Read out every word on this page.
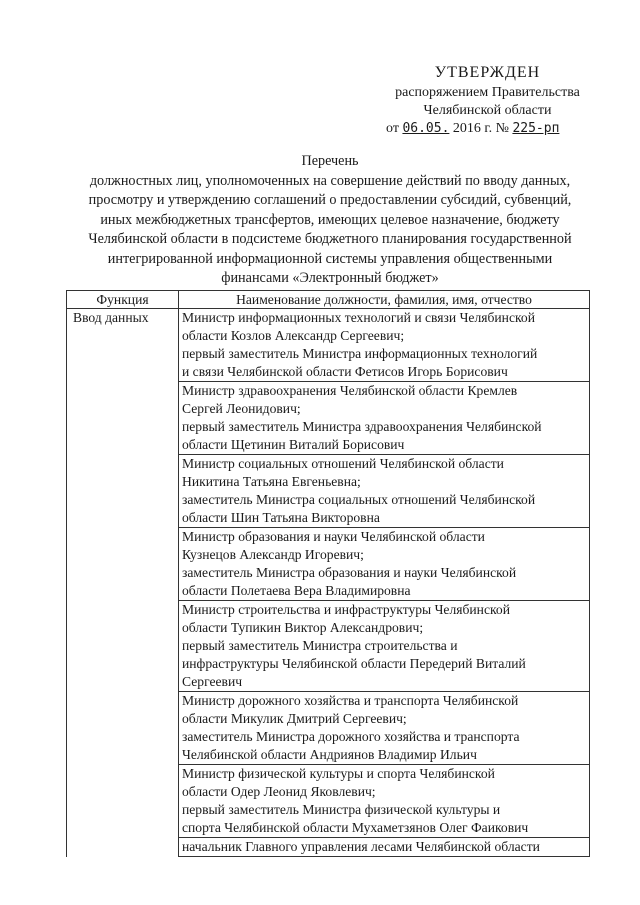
УТВЕРЖДЕН
распоряжением Правительства
Челябинской области
от 06.05. 2016 г. № 225-рп
Перечень
должностных лиц, уполномоченных на совершение действий по вводу данных,
просмотру и утверждению соглашений о предоставлении субсидий, субвенций,
иных межбюджетных трансфертов, имеющих целевое назначение, бюджету
Челябинской области в подсистеме бюджетного планирования государственной
интегрированной информационной системы управления общественными
финансами «Электронный бюджет»
Функция	Наименование должности, фамилия, имя, отчество
Ввод данных	Министр информационных технологий и связи Челябинской
области Козлов Александр Сергеевич;
первый заместитель Министра информационных технологий
и связи Челябинской области Фетисов Игорь Борисович

	Министр здравоохранения Челябинской области Кремлев
Сергей Леонидович;
первый заместитель Министра здравоохранения Челябинской
области Щетинин Виталий Борисович

	Министр социальных отношений Челябинской области
Никитина Татьяна Евгеньевна;
заместитель Министра социальных отношений Челябинской
области Шин Татьяна Викторовна

	Министр образования и науки Челябинской области
Кузнецов Александр Игоревич;
заместитель Министра образования и науки Челябинской
области Полетаева Вера Владимировна

	Министр строительства и инфраструктуры Челябинской
области Тупикин Виктор Александрович;
первый заместитель Министра строительства и
инфраструктуры Челябинской области Передерий Виталий
Сергеевич

	Министр дорожного хозяйства и транспорта Челябинской
области Микулик Дмитрий Сергеевич;
заместитель Министра дорожного хозяйства и транспорта
Челябинской области Андриянов Владимир Ильич

	Министр физической культуры и спорта Челябинской
области Одер Леонид Яковлевич;
первый заместитель Министра физической культуры и
спорта Челябинской области Мухаметзянов Олег Фаикович

	начальник Главного управления лесами Челябинской области
